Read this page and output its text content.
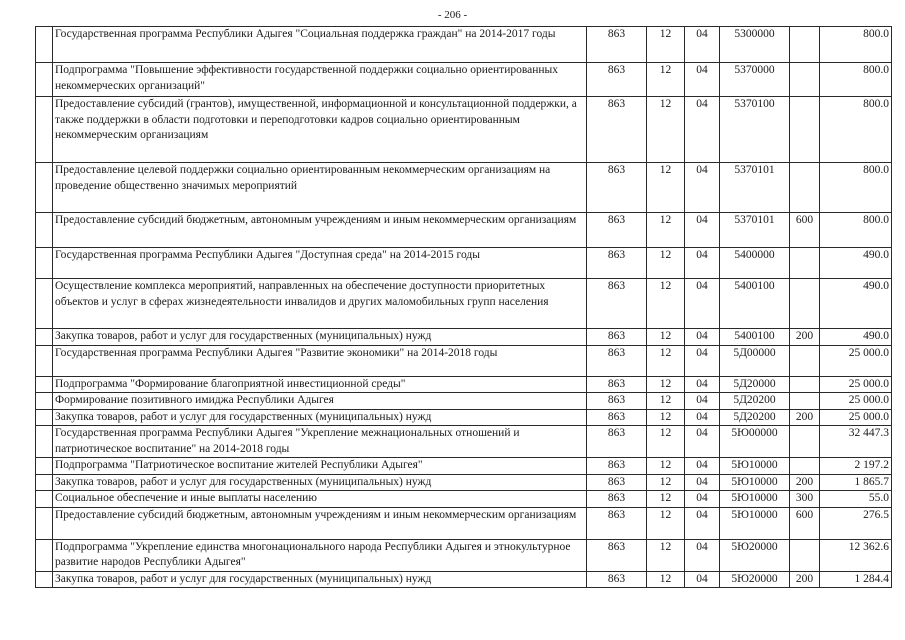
- 206 -
	Государственная программа Республики Адыгея "Социальная поддержка граждан" на 2014-2017 годы	863	12	04	5300000		800.0
	Подпрограмма "Повышение эффективности государственной поддержки социально ориентированных некоммерческих организаций"	863	12	04	5370000		800.0
	Предоставление субсидий (грантов), имущественной, информационной и консультационной поддержки, а также поддержки в области подготовки и переподготовки кадров социально ориентированным некоммерческим организациям	863	12	04	5370100		800.0
	Предоставление целевой поддержки социально ориентированным некоммерческим организациям на проведение общественно значимых мероприятий	863	12	04	5370101		800.0
	Предоставление субсидий бюджетным, автономным учреждениям и иным некоммерческим организациям	863	12	04	5370101	600	800.0
	Государственная программа Республики Адыгея "Доступная среда" на 2014-2015 годы	863	12	04	5400000		490.0
	Осуществление комплекса мероприятий, направленных на обеспечение доступности приоритетных объектов и услуг в сферах жизнедеятельности инвалидов и других маломобильных групп населения	863	12	04	5400100		490.0
	Закупка товаров, работ и услуг для государственных (муниципальных) нужд	863	12	04	5400100	200	490.0
	Государственная программа Республики Адыгея "Развитие экономики" на 2014-2018 годы	863	12	04	5Д00000		25 000.0
	Подпрограмма "Формирование благоприятной инвестиционной среды"	863	12	04	5Д20000		25 000.0
	Формирование позитивного имиджа Республики Адыгея	863	12	04	5Д20200		25 000.0
	Закупка товаров, работ и услуг для государственных (муниципальных) нужд	863	12	04	5Д20200	200	25 000.0
	Государственная программа Республики Адыгея "Укрепление межнациональных отношений и патриотическое воспитание" на 2014-2018 годы	863	12	04	5Ю00000		32 447.3
	Подпрограмма "Патриотическое воспитание жителей Республики Адыгея"	863	12	04	5Ю10000		2 197.2
	Закупка товаров, работ и услуг для государственных (муниципальных) нужд	863	12	04	5Ю10000	200	1 865.7
	Социальное обеспечение и иные выплаты населению	863	12	04	5Ю10000	300	55.0
	Предоставление субсидий бюджетным, автономным учреждениям и иным некоммерческим организациям	863	12	04	5Ю10000	600	276.5
	Подпрограмма "Укрепление единства многонационального народа Республики Адыгея и этнокультурное развитие народов Республики Адыгея"	863	12	04	5Ю20000		12 362.6
	Закупка товаров, работ и услуг для государственных (муниципальных) нужд	863	12	04	5Ю20000	200	1 284.4
